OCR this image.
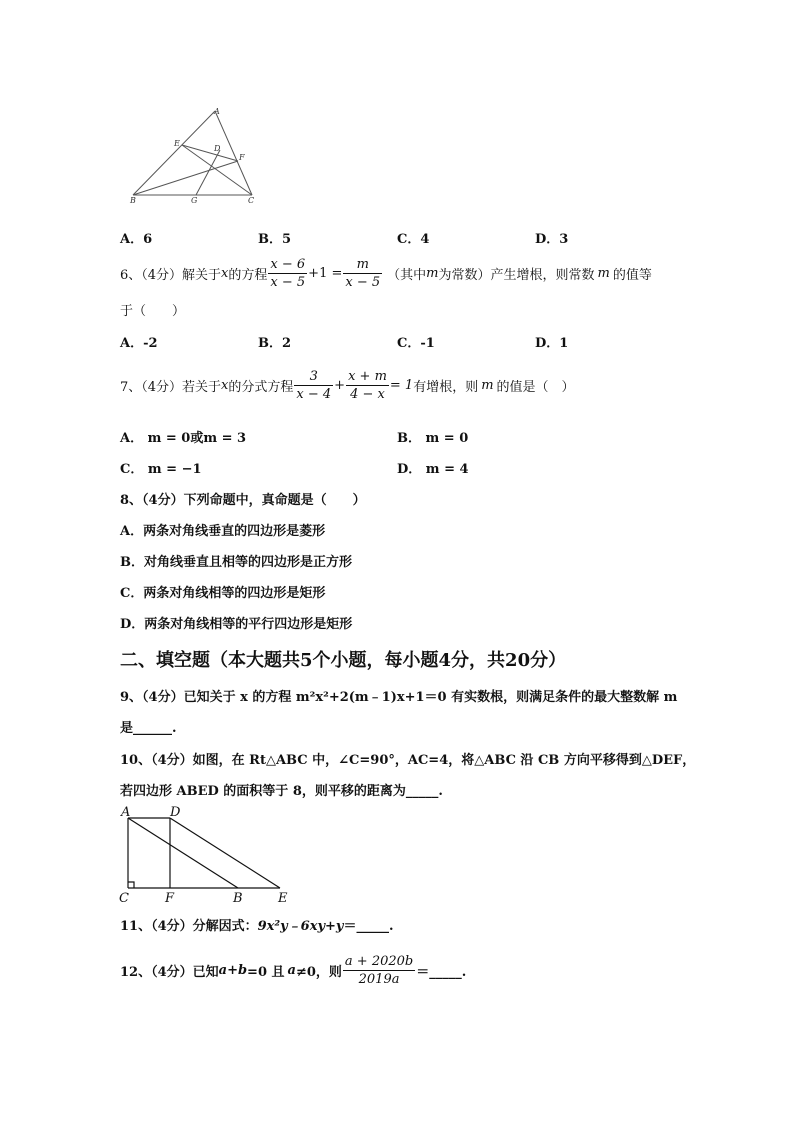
A
E
D
F
B	G	C
A．6	B．5	C．4	D．3
6、（4分）解关于 x 的方程 $\frac{x - 6}{x - 5} +1 = \frac{m}{x - 5}$ （其中 m 为常数）产生增根，则常数 m 的值等
于（　　）
A．-2	B．2	C．-1	D．1
7、（4分）若关于 x 的分式方程 $\frac{3}{x - 4} + \frac{x + m}{4 - x} = 1$ 有增根，则 m 的值是（　）
A． m = 0或m = 3	B． m = 0
C． m = −1	D． m = 4
8、（4分）下列命题中，真命题是（　　）
A．两条对角线垂直的四边形是菱形
B．对角线垂直且相等的四边形是正方形
C．两条对角线相等的四边形是矩形
D．两条对角线相等的平行四边形是矩形
二、填空题（本大题共5个小题，每小题4分，共20分）
9、（4分）已知关于 x 的方程 m²x²+2(m﹣1)x+1＝0 有实数根，则满足条件的最大整数解 m
是______.
10、（4分）如图，在 Rt△ABC 中，∠C=90°，AC=4，将△ABC 沿 CB 方向平移得到△DEF，
若四边形 ABED 的面积等于 8，则平移的距离为_____.
A	D
C	F	B	E
11、（4分）分解因式：9x²y﹣6xy+y＝_____.
12、（4分）已知 a+b =0 且 a ≠0，则 $\frac{a + 2020b}{2019a}$ ＝_____.
